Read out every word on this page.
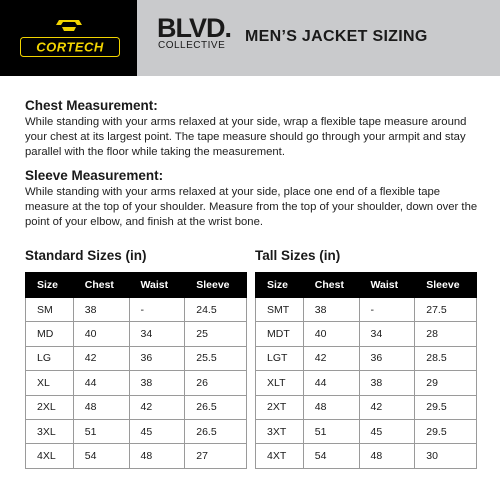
CORTECH
BLVD.
COLLECTIVE
MEN’S JACKET SIZING
Chest Measurement:

While standing with your arms relaxed at your side, wrap a flexible tape measure around your chest at its largest point. The tape measure should go through your armpit and stay parallel with the floor while taking the measurement.

Sleeve Measurement:

While standing with your arms relaxed at your side, place one end of a flexible tape measure at the top of your shoulder. Measure from the top of your shoulder, down over the point of your elbow, and finish at the wrist bone.

Standard Sizes (in)	Tall Sizes (in)
Size	Chest	Waist	Sleeve
SM	38	-	24.5
MD	40	34	25
LG	42	36	25.5
XL	44	38	26
2XL	48	42	26.5
3XL	51	45	26.5
4XL	54	48	27
Size	Chest	Waist	Sleeve
SMT	38	-	27.5
MDT	40	34	28
LGT	42	36	28.5
XLT	44	38	29
2XT	48	42	29.5
3XT	51	45	29.5
4XT	54	48	30
